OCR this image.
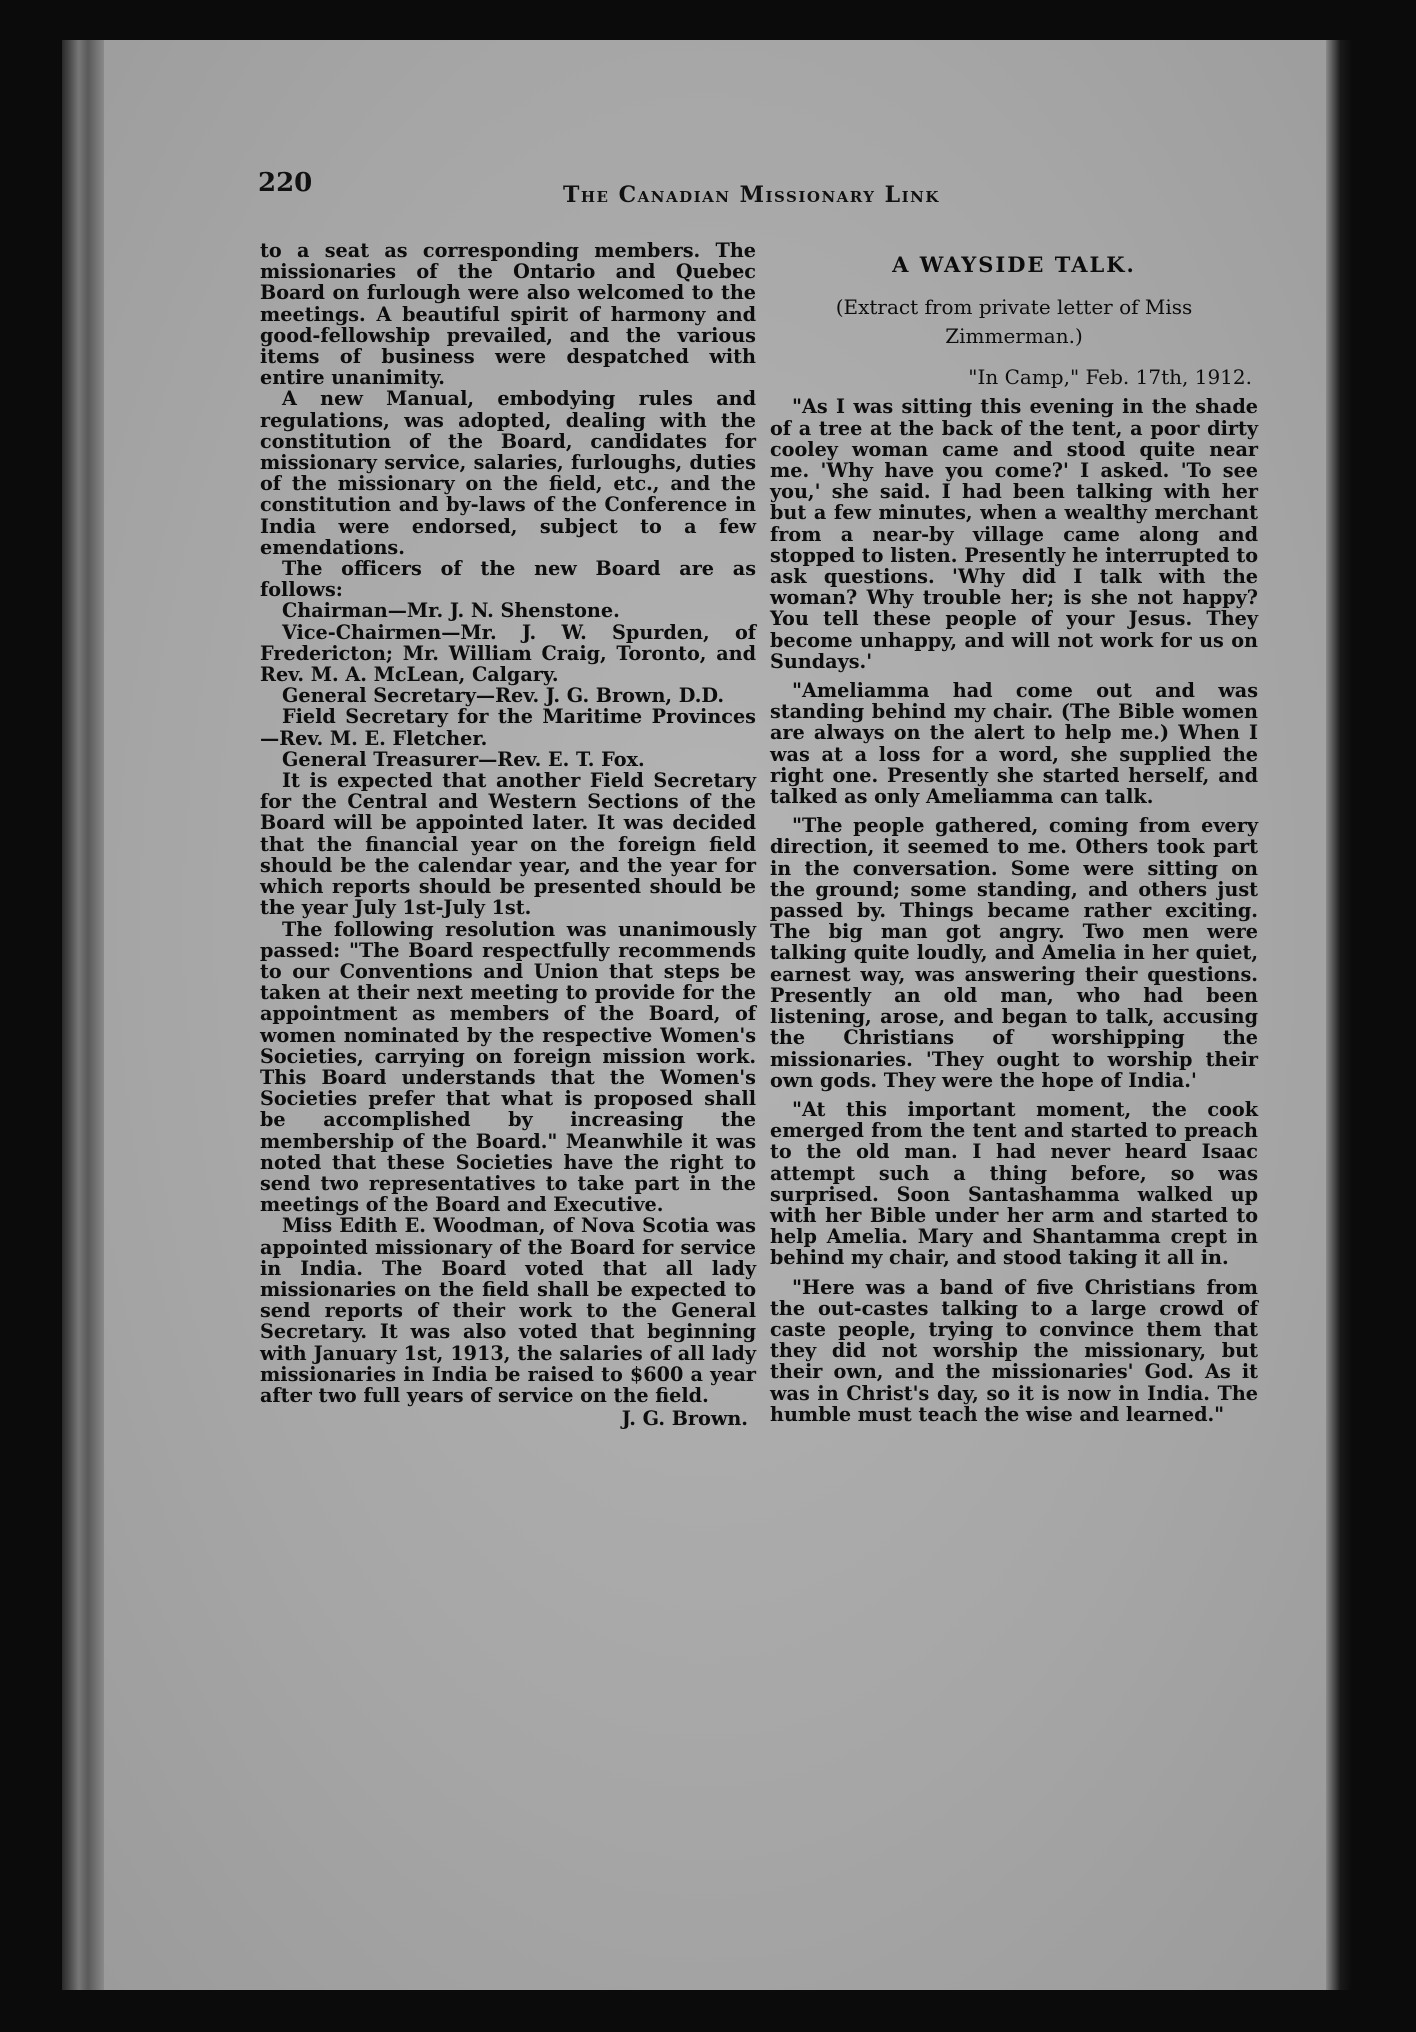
220	The Canadian Missionary Link

to a seat as corresponding members. The missionaries of the Ontario and Quebec Board on furlough were also welcomed to the meetings. A beautiful spirit of harmony and good-fellowship prevailed, and the various items of business were despatched with entire unanimity.

A new Manual, embodying rules and regulations, was adopted, dealing with the constitution of the Board, candidates for missionary service, salaries, furloughs, duties of the missionary on the field, etc., and the constitution and by-laws of the Conference in India were endorsed, subject to a few emendations.

The officers of the new Board are as follows:

Chairman—Mr. J. N. Shenstone.

Vice-Chairmen—Mr. J. W. Spurden, of Fredericton; Mr. William Craig, Toronto, and Rev. M. A. McLean, Calgary.

General Secretary—Rev. J. G. Brown, D.D.

Field Secretary for the Maritime Provinces—Rev. M. E. Fletcher.

General Treasurer—Rev. E. T. Fox.

It is expected that another Field Secretary for the Central and Western Sections of the Board will be appointed later. It was decided that the financial year on the foreign field should be the calendar year, and the year for which reports should be presented should be the year July 1st-July 1st.

The following resolution was unanimously passed: "The Board respectfully recommends to our Conventions and Union that steps be taken at their next meeting to provide for the appointment as members of the Board, of women nominated by the respective Women's Societies, carrying on foreign mission work. This Board understands that the Women's Societies prefer that what is proposed shall be accomplished by increasing the membership of the Board." Meanwhile it was noted that these Societies have the right to send two representatives to take part in the meetings of the Board and Executive.

Miss Edith E. Woodman, of Nova Scotia was appointed missionary of the Board for service in India. The Board voted that all lady missionaries on the field shall be expected to send reports of their work to the General Secretary. It was also voted that beginning with January 1st, 1913, the salaries of all lady missionaries in India be raised to $600 a year after two full years of service on the field.

J. G. Brown.
A WAYSIDE TALK.
(Extract from private letter of Miss Zimmerman.)
"In Camp," Feb. 17th, 1912.

"As I was sitting this evening in the shade of a tree at the back of the tent, a poor dirty cooley woman came and stood quite near me. 'Why have you come?' I asked. 'To see you,' she said. I had been talking with her but a few minutes, when a wealthy merchant from a near-by village came along and stopped to listen. Presently he interrupted to ask questions. 'Why did I talk with the woman? Why trouble her; is she not happy? You tell these people of your Jesus. They become unhappy, and will not work for us on Sundays.'

"Ameliamma had come out and was standing behind my chair. (The Bible women are always on the alert to help me.) When I was at a loss for a word, she supplied the right one. Presently she started herself, and talked as only Ameliamma can talk.

"The people gathered, coming from every direction, it seemed to me. Others took part in the conversation. Some were sitting on the ground; some standing, and others just passed by. Things became rather exciting. The big man got angry. Two men were talking quite loudly, and Amelia in her quiet, earnest way, was answering their questions. Presently an old man, who had been listening, arose, and began to talk, accusing the Christians of worshipping the missionaries. 'They ought to worship their own gods. They were the hope of India.'

"At this important moment, the cook emerged from the tent and started to preach to the old man. I had never heard Isaac attempt such a thing before, so was surprised. Soon Santashamma walked up with her Bible under her arm and started to help Amelia. Mary and Shantamma crept in behind my chair, and stood taking it all in.

"Here was a band of five Christians from the out-castes talking to a large crowd of caste people, trying to convince them that they did not worship the missionary, but their own, and the missionaries' God. As it was in Christ's day, so it is now in India. The humble must teach the wise and learned."
